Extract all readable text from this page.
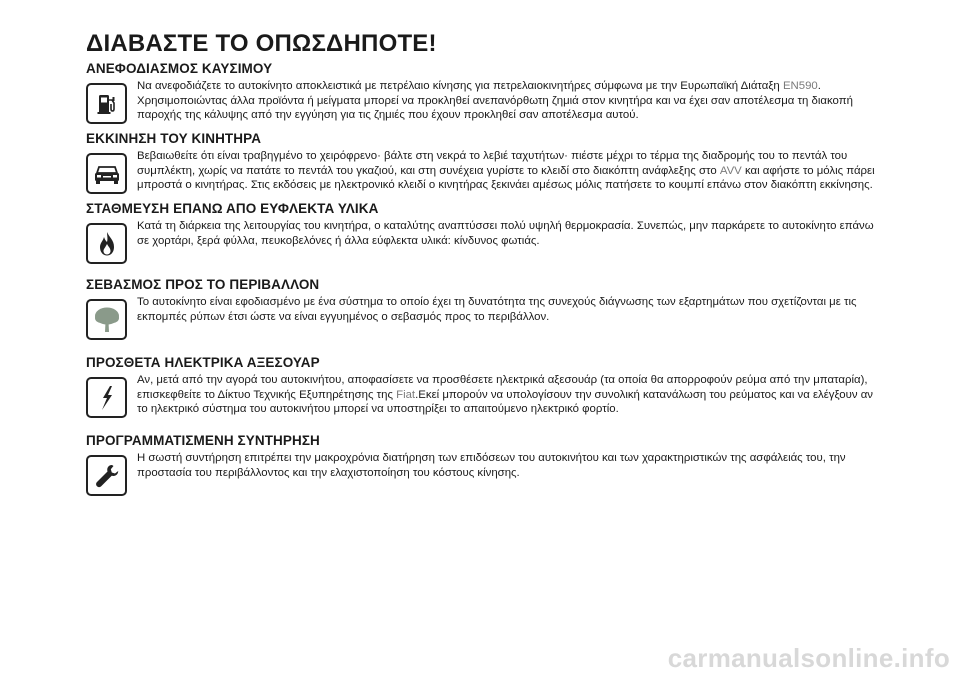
ΔΙΑΒΑΣΤΕ ΤΟ ΟΠΩΣΔΗΠΟΤΕ!
ΑΝΕΦΟΔΙΑΣΜΟΣ ΚΑΥΣΙΜΟΥ
Να ανεφοδιάζετε το αυτοκίνητο αποκλειστικά με πετρέλαιο κίνησης για πετρελαιοκινητήρες σύμφωνα με την Ευρωπαϊκή Διάταξη EN590. Χρησιμοποιώντας άλλα προϊόντα ή μείγματα μπορεί να προκληθεί ανεπανόρθωτη ζημιά στον κινητήρα και να έχει σαν αποτέλεσμα τη διακοπή παροχής της κάλυψης από την εγγύηση για τις ζημιές που έχουν προκληθεί σαν αποτέλεσμα αυτού.
ΕΚΚΙΝΗΣΗ ΤΟΥ ΚΙΝΗΤΗΡΑ
Βεβαιωθείτε ότι είναι τραβηγμένο το χειρόφρενο· βάλτε στη νεκρά το λεβιέ ταχυτήτων· πιέστε μέχρι το τέρμα της διαδρομής του το πεντάλ του συμπλέκτη, χωρίς να πατάτε το πεντάλ του γκαζιού, και στη συνέχεια γυρίστε το κλειδί στο διακόπτη ανάφλεξης στο AVV και αφήστε το μόλις πάρει μπροστά ο κινητήρας. Στις εκδόσεις με ηλεκτρονικό κλειδί ο κινητήρας ξεκινάει αμέσως μόλις πατήσετε το κουμπί επάνω στον διακόπτη εκκίνησης.
ΣΤΑΘΜΕΥΣΗ ΕΠΑΝΩ ΑΠΟ ΕΥΦΛΕΚΤΑ ΥΛΙΚΑ
Κατά τη διάρκεια της λειτουργίας του κινητήρα, ο καταλύτης αναπτύσσει πολύ υψηλή θερμοκρασία. Συνεπώς, μην παρκάρετε το αυτοκίνητο επάνω σε χορτάρι, ξερά φύλλα, πευκοβελόνες ή άλλα εύφλεκτα υλικά: κίνδυνος φωτιάς.
ΣΕΒΑΣΜΟΣ ΠΡΟΣ ΤΟ ΠΕΡΙΒΑΛΛΟΝ
Το αυτοκίνητο είναι εφοδιασμένο με ένα σύστημα το οποίο έχει τη δυνατότητα της συνεχούς διάγνωσης των εξαρτημάτων που σχετίζονται με τις εκπομπές ρύπων έτσι ώστε να είναι εγγυημένος ο σεβασμός προς το περιβάλλον.
ΠΡΟΣΘΕΤΑ ΗΛΕΚΤΡΙΚΑ ΑΞΕΣΟΥΑΡ
Αν, μετά από την αγορά του αυτοκινήτου, αποφασίσετε να προσθέσετε ηλεκτρικά αξεσουάρ (τα οποία θα απορροφούν ρεύμα από την μπαταρία), επισκεφθείτε το Δίκτυο Τεχνικής Εξυπηρέτησης της Fiat.Εκεί μπορούν να υπολογίσουν την συνολική κατανάλωση του ρεύματος και να ελέγξουν αν το ηλεκτρικό σύστημα του αυτοκινήτου μπορεί να υποστηρίξει το απαιτούμενο ηλεκτρικό φορτίο.
ΠΡΟΓΡΑΜΜΑΤΙΣΜΕΝΗ ΣΥΝΤΗΡΗΣΗ
Η σωστή συντήρηση επιτρέπει την μακροχρόνια διατήρηση των επιδόσεων του αυτοκινήτου και των χαρακτηριστικών της ασφάλειάς του, την προστασία του περιβάλλοντος και την ελαχιστοποίηση του κόστους κίνησης.
carmanualsonline.info
